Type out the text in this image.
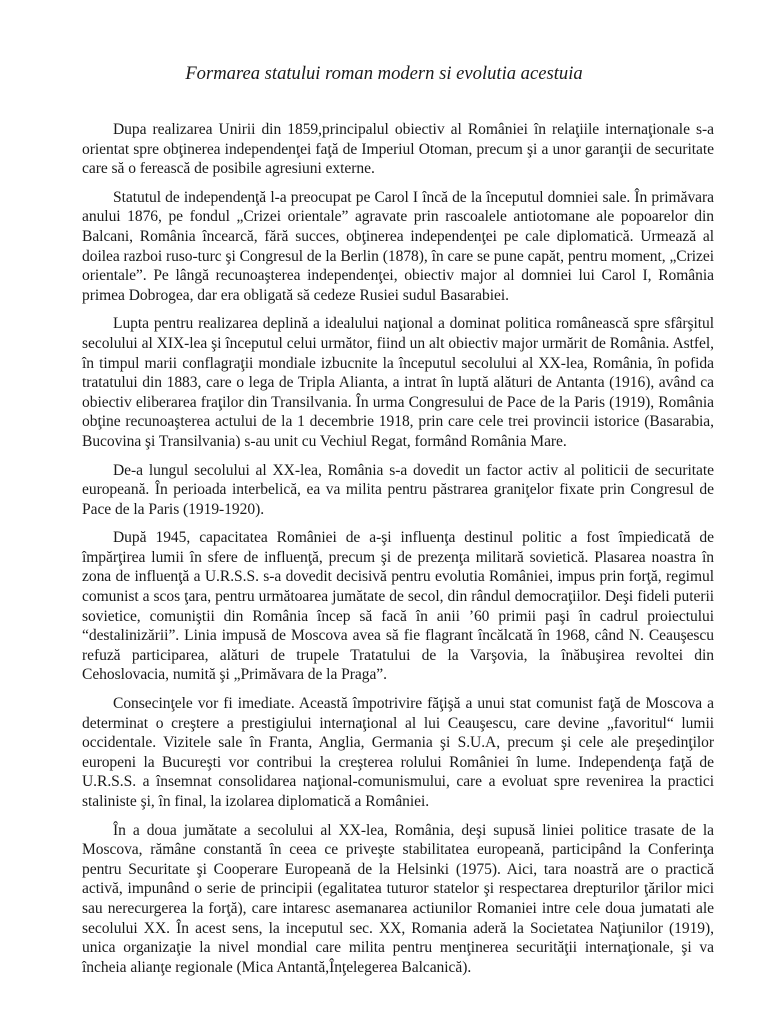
Formarea statului roman modern si evolutia acestuia

Dupa realizarea Unirii din 1859,principalul obiectiv al României în relaţiile internaţionale s-a orientat spre obţinerea independenţei faţă de Imperiul Otoman, precum şi a unor garanţii de securitate care să o ferească de posibile agresiuni externe.

Statutul de independenţă l-a preocupat pe Carol I încă de la începutul domniei sale. În primăvara anului 1876, pe fondul „Crizei orientale” agravate prin rascoalele antiotomane ale popoarelor din Balcani, România încearcă, fără succes, obţinerea independenţei pe cale diplomatică. Urmează al doilea razboi ruso-turc şi Congresul de la Berlin (1878), în care se pune capăt, pentru moment, „Crizei orientale”. Pe lângă recunoaşterea independenţei, obiectiv major al domniei lui Carol I, România primea Dobrogea, dar era obligată să cedeze Rusiei sudul Basarabiei.

Lupta pentru realizarea deplină a idealului naţional a dominat politica românească spre sfârşitul secolului al XIX-lea şi începutul celui următor, fiind un alt obiectiv major urmărit de România. Astfel, în timpul marii conflagraţii mondiale izbucnite la începutul secolului al XX-lea, România, în pofida tratatului din 1883, care o lega de Tripla Alianta, a intrat în luptă alături de Antanta (1916), având ca obiectiv eliberarea fraţilor din Transilvania. În urma Congresului de Pace de la Paris (1919), România obţine recunoaşterea actului de la 1 decembrie 1918, prin care cele trei provincii istorice (Basarabia, Bucovina şi Transilvania) s-au unit cu Vechiul Regat, formând România Mare.

De-a lungul secolului al XX-lea, România s-a dovedit un factor activ al politicii de securitate europeană. În perioada interbelică, ea va milita pentru păstrarea graniţelor fixate prin Congresul de Pace de la Paris (1919-1920).

După 1945, capacitatea României de a-şi influenţa destinul politic a fost împiedicată de împărţirea lumii în sfere de influenţă, precum şi de prezenţa militară sovietică. Plasarea noastra în zona de influenţă a U.R.S.S. s-a dovedit decisivă pentru evolutia României, impus prin forţă, regimul comunist a scos ţara, pentru următoarea jumătate de secol, din rândul democraţiilor. Deşi fideli puterii sovietice, comuniştii din România încep să facă în anii ’60 primii paşi în cadrul proiectului “destalinizării”. Linia impusă de Moscova avea să fie flagrant încălcată în 1968, când N. Ceauşescu refuză participarea, alături de trupele Tratatului de la Varşovia, la înăbuşirea revoltei din Cehoslovacia, numită şi „Primăvara de la Praga”.

Consecinţele vor fi imediate. Această împotrivire făţişă a unui stat comunist faţă de Moscova a determinat o creştere a prestigiului internaţional al lui Ceauşescu, care devine „favoritul“ lumii occidentale. Vizitele sale în Franta, Anglia, Germania şi S.U.A, precum şi cele ale preşedinţilor europeni la Bucureşti vor contribui la creşterea rolului României în lume. Independenţa faţă de U.R.S.S. a însemnat consolidarea naţional-comunismului, care a evoluat spre revenirea la practici staliniste şi, în final, la izolarea diplomatică a României.

În a doua jumătate a secolului al XX-lea, România, deşi supusă liniei politice trasate de la Moscova, rămâne constantă în ceea ce priveşte stabilitatea europeană, participând la Conferinţa pentru Securitate şi Cooperare Europeană de la Helsinki (1975). Aici, tara noastră are o practică activă, impunând o serie de principii (egalitatea tuturor statelor şi respectarea drepturilor ţărilor mici sau nerecurgerea la forţă), care intaresc asemanarea actiunilor Romaniei intre cele doua jumatati ale secolului XX. În acest sens, la inceputul sec. XX, Romania aderă la Societatea Naţiunilor (1919), unica organizaţie la nivel mondial care milita pentru menţinerea securităţii internaţionale, şi va încheia alianţe regionale (Mica Antantă,Înţelegerea Balcanică).
